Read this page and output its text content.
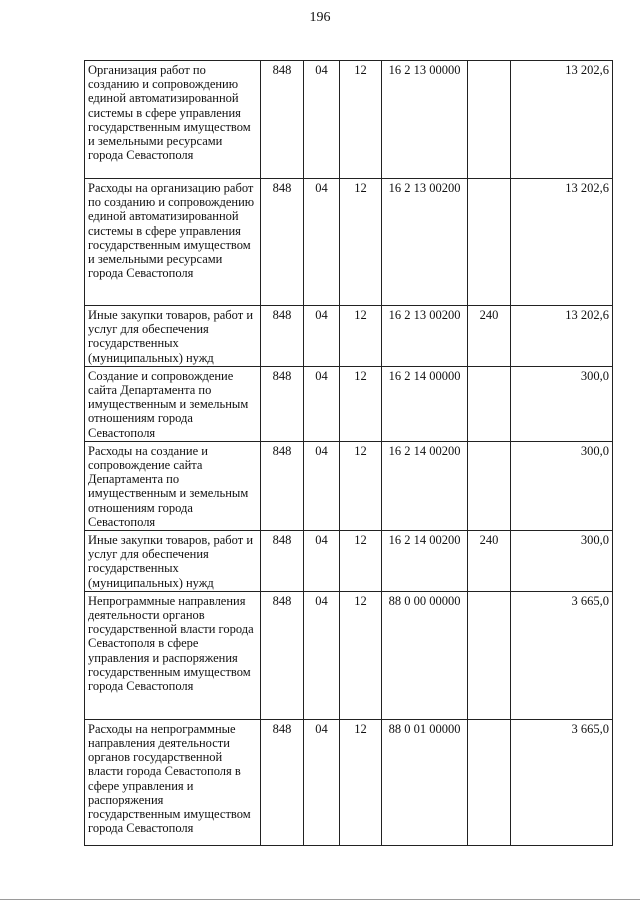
196
Организация работ по созданию и сопровождению единой автоматизированной системы в сфере управления государственным имуществом и земельными ресурсами города Севастополя	848	04	12	16 2 13 00000		13 202,6
Расходы на организацию работ по созданию и сопровождению единой автоматизированной системы в сфере управления государственным имуществом и земельными ресурсами города Севастополя	848	04	12	16 2 13 00200		13 202,6
Иные закупки товаров, работ и услуг для обеспечения государственных (муниципальных) нужд	848	04	12	16 2 13 00200	240	13 202,6
Создание и сопровождение сайта Департамента по имущественным и земельным отношениям города Севастополя	848	04	12	16 2 14 00000		300,0
Расходы на создание и сопровождение сайта Департамента по имущественным и земельным отношениям города Севастополя	848	04	12	16 2 14 00200		300,0
Иные закупки товаров, работ и услуг для обеспечения государственных (муниципальных) нужд	848	04	12	16 2 14 00200	240	300,0
Непрограммные направления деятельности органов государственной власти города Севастополя в сфере управления и распоряжения государственным имуществом города Севастополя	848	04	12	88 0 00 00000		3 665,0
Расходы на непрограммные направления деятельности органов государственной власти города Севастополя в сфере управления и распоряжения государственным имуществом города Севастополя	848	04	12	88 0 01 00000		3 665,0
